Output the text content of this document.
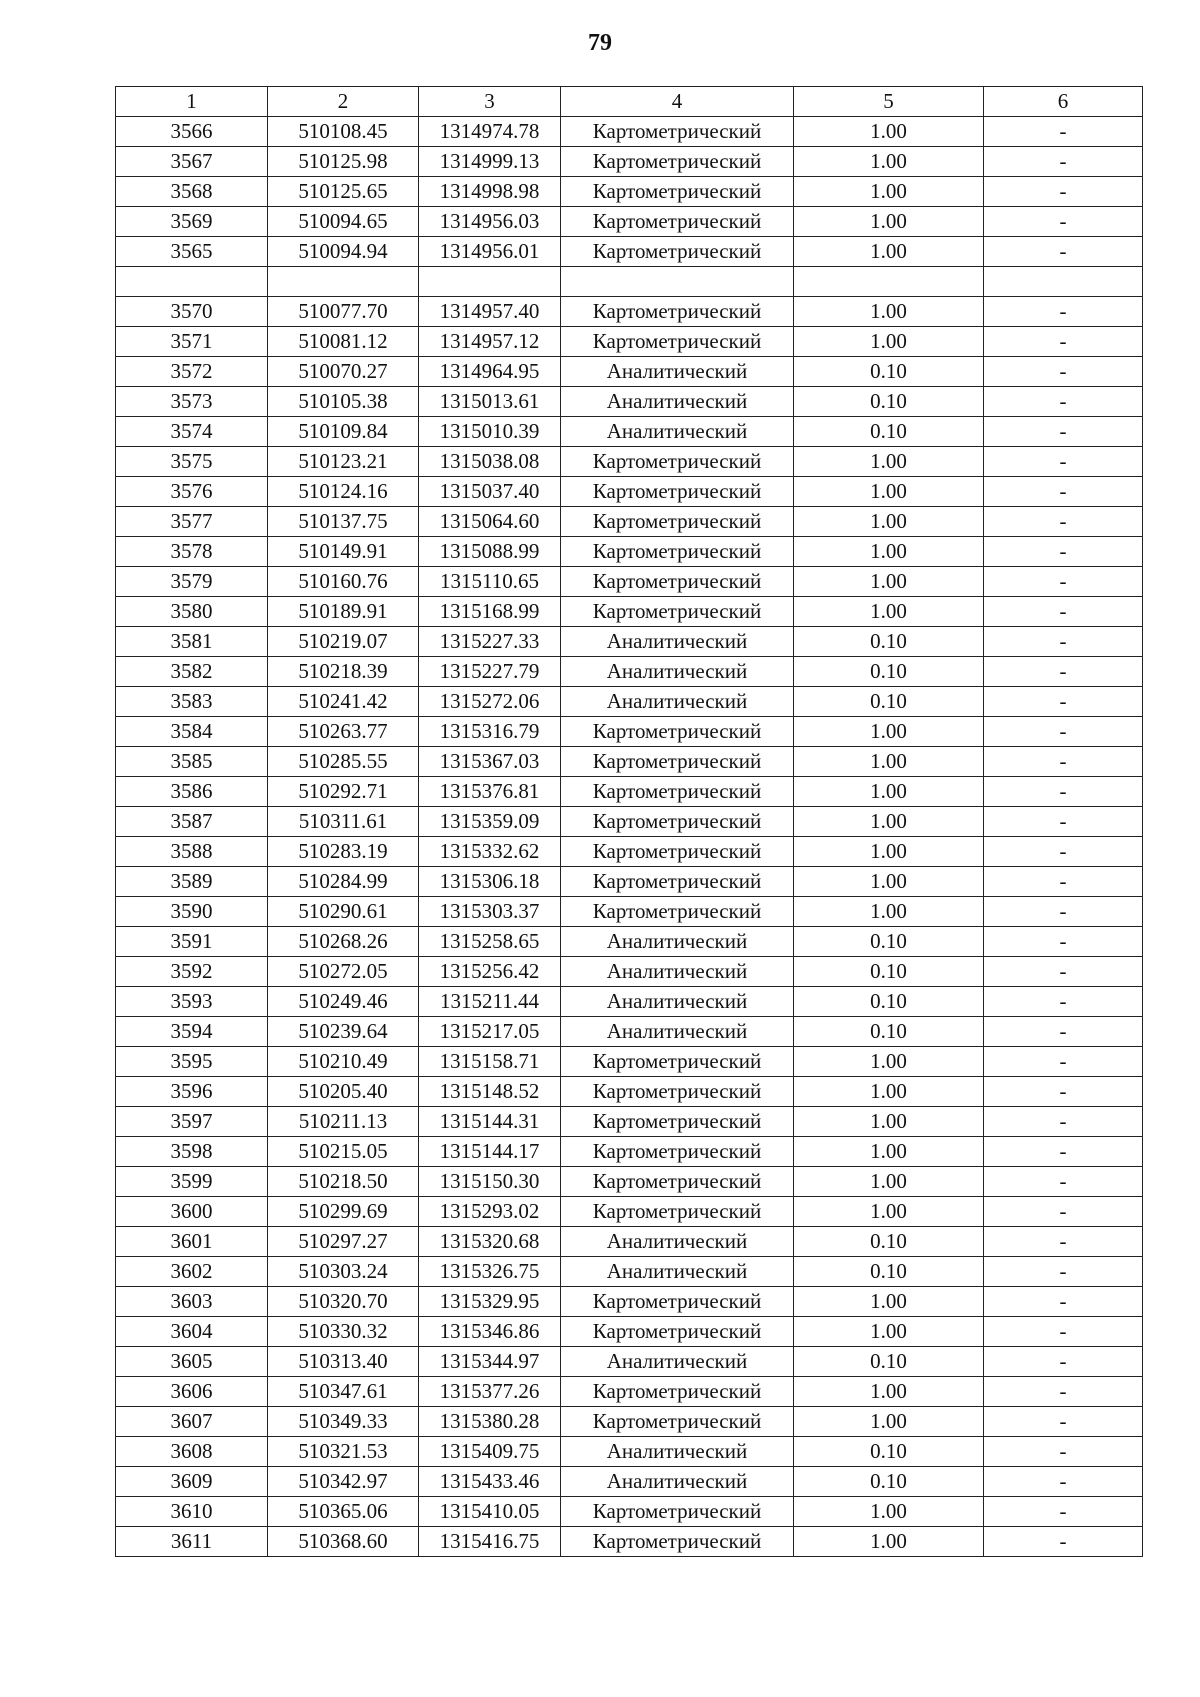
79
1	2	3	4	5	6
3566	510108.45	1314974.78	Картометрический	1.00	-
3567	510125.98	1314999.13	Картометрический	1.00	-
3568	510125.65	1314998.98	Картометрический	1.00	-
3569	510094.65	1314956.03	Картометрический	1.00	-
3565	510094.94	1314956.01	Картометрический	1.00	-

3570	510077.70	1314957.40	Картометрический	1.00	-
3571	510081.12	1314957.12	Картометрический	1.00	-
3572	510070.27	1314964.95	Аналитический	0.10	-
3573	510105.38	1315013.61	Аналитический	0.10	-
3574	510109.84	1315010.39	Аналитический	0.10	-
3575	510123.21	1315038.08	Картометрический	1.00	-
3576	510124.16	1315037.40	Картометрический	1.00	-
3577	510137.75	1315064.60	Картометрический	1.00	-
3578	510149.91	1315088.99	Картометрический	1.00	-
3579	510160.76	1315110.65	Картометрический	1.00	-
3580	510189.91	1315168.99	Картометрический	1.00	-
3581	510219.07	1315227.33	Аналитический	0.10	-
3582	510218.39	1315227.79	Аналитический	0.10	-
3583	510241.42	1315272.06	Аналитический	0.10	-
3584	510263.77	1315316.79	Картометрический	1.00	-
3585	510285.55	1315367.03	Картометрический	1.00	-
3586	510292.71	1315376.81	Картометрический	1.00	-
3587	510311.61	1315359.09	Картометрический	1.00	-
3588	510283.19	1315332.62	Картометрический	1.00	-
3589	510284.99	1315306.18	Картометрический	1.00	-
3590	510290.61	1315303.37	Картометрический	1.00	-
3591	510268.26	1315258.65	Аналитический	0.10	-
3592	510272.05	1315256.42	Аналитический	0.10	-
3593	510249.46	1315211.44	Аналитический	0.10	-
3594	510239.64	1315217.05	Аналитический	0.10	-
3595	510210.49	1315158.71	Картометрический	1.00	-
3596	510205.40	1315148.52	Картометрический	1.00	-
3597	510211.13	1315144.31	Картометрический	1.00	-
3598	510215.05	1315144.17	Картометрический	1.00	-
3599	510218.50	1315150.30	Картометрический	1.00	-
3600	510299.69	1315293.02	Картометрический	1.00	-
3601	510297.27	1315320.68	Аналитический	0.10	-
3602	510303.24	1315326.75	Аналитический	0.10	-
3603	510320.70	1315329.95	Картометрический	1.00	-
3604	510330.32	1315346.86	Картометрический	1.00	-
3605	510313.40	1315344.97	Аналитический	0.10	-
3606	510347.61	1315377.26	Картометрический	1.00	-
3607	510349.33	1315380.28	Картометрический	1.00	-
3608	510321.53	1315409.75	Аналитический	0.10	-
3609	510342.97	1315433.46	Аналитический	0.10	-
3610	510365.06	1315410.05	Картометрический	1.00	-
3611	510368.60	1315416.75	Картометрический	1.00	-
